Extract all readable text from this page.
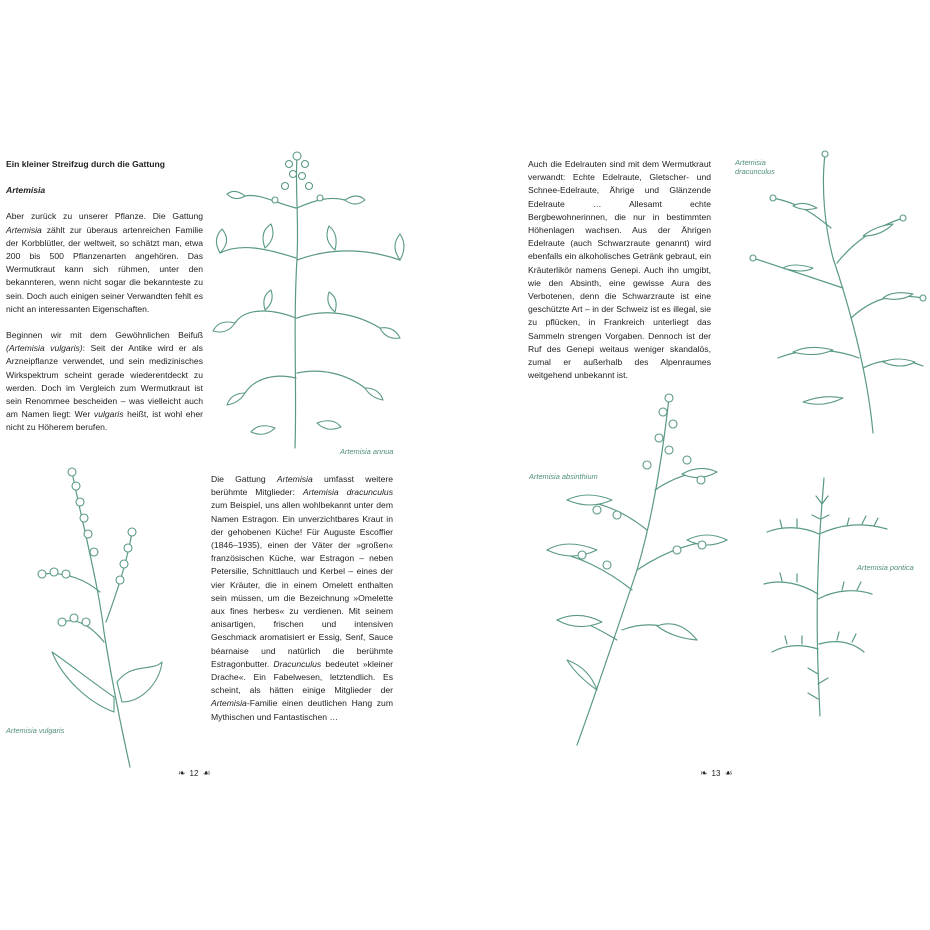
Ein kleiner Streifzug durch die Gattung

Artemisia

Aber zurück zu unserer Pflanze. Die Gattung Artemisia zählt zur überaus artenreichen Familie der Korbblütler, der weltweit, so schätzt man, etwa 200 bis 500 Pflanzenarten angehören. Das Wermutkraut kann sich rühmen, unter den bekannteren, wenn nicht sogar die bekannteste zu sein. Doch auch einigen seiner Verwandten fehlt es nicht an interessanten Eigenschaften.

Beginnen wir mit dem Gewöhnlichen Beifuß (Artemisia vulgaris): Seit der Antike wird er als Arzneipflanze verwendet, und sein medizinisches Wirkspektrum scheint gerade wiederentdeckt zu werden. Doch im Vergleich zum Wermutkraut ist sein Renommee bescheiden – was vielleicht auch am Namen liegt: Wer vulgaris heißt, ist wohl eher nicht zu Höherem berufen.

Die Gattung Artemisia umfasst weitere berühmte Mitglieder: Artemisia dracunculus zum Beispiel, uns allen wohlbekannt unter dem Namen Estragon. Ein unverzichtbares Kraut in der gehobenen Küche! Für Auguste Escoffier (1846–1935), einen der Väter der »großen« französischen Küche, war Estragon – neben Petersilie, Schnittlauch und Kerbel – eines der vier Kräuter, die in einem Omelett enthalten sein müssen, um die Bezeichnung »Omelette aux fines herbes« zu verdienen. Mit seinem anisartigen, frischen und intensiven Geschmack aromatisiert er Essig, Senf, Sauce béarnaise und natürlich die berühmte Estragonbutter. Dracunculus bedeutet »kleiner Drache«. Ein Fabelwesen, letztendlich. Es scheint, als hätten einige Mitglieder der Artemisia-Familie einen deutlichen Hang zum Mythischen und Fantastischen …

Artemisia annua
Artemisia vulgaris
❧ 12 ☙

Auch die Edelrauten sind mit dem Wermutkraut verwandt: Echte Edelraute, Gletscher- und Schnee-Edelraute, Ährige und Glänzende Edelraute … Allesamt echte Bergbewohnerinnen, die nur in bestimmten Höhenlagen wachsen. Aus der Ährigen Edelraute (auch Schwarzraute genannt) wird ebenfalls ein alkoholisches Getränk gebraut, ein Kräuterlikör namens Genepi. Auch ihn umgibt, wie den Absinth, eine gewisse Aura des Verbotenen, denn die Schwarzraute ist eine geschützte Art – in der Schweiz ist es illegal, sie zu pflücken, in Frankreich unterliegt das Sammeln strengen Vorgaben. Dennoch ist der Ruf des Genepi weitaus weniger skandalös, zumal er außerhalb des Alpenraumes weitgehend unbekannt ist.

Artemisia
dracunculus
Artemisia absinthium
Artemisia pontica
❧ 13 ☙
